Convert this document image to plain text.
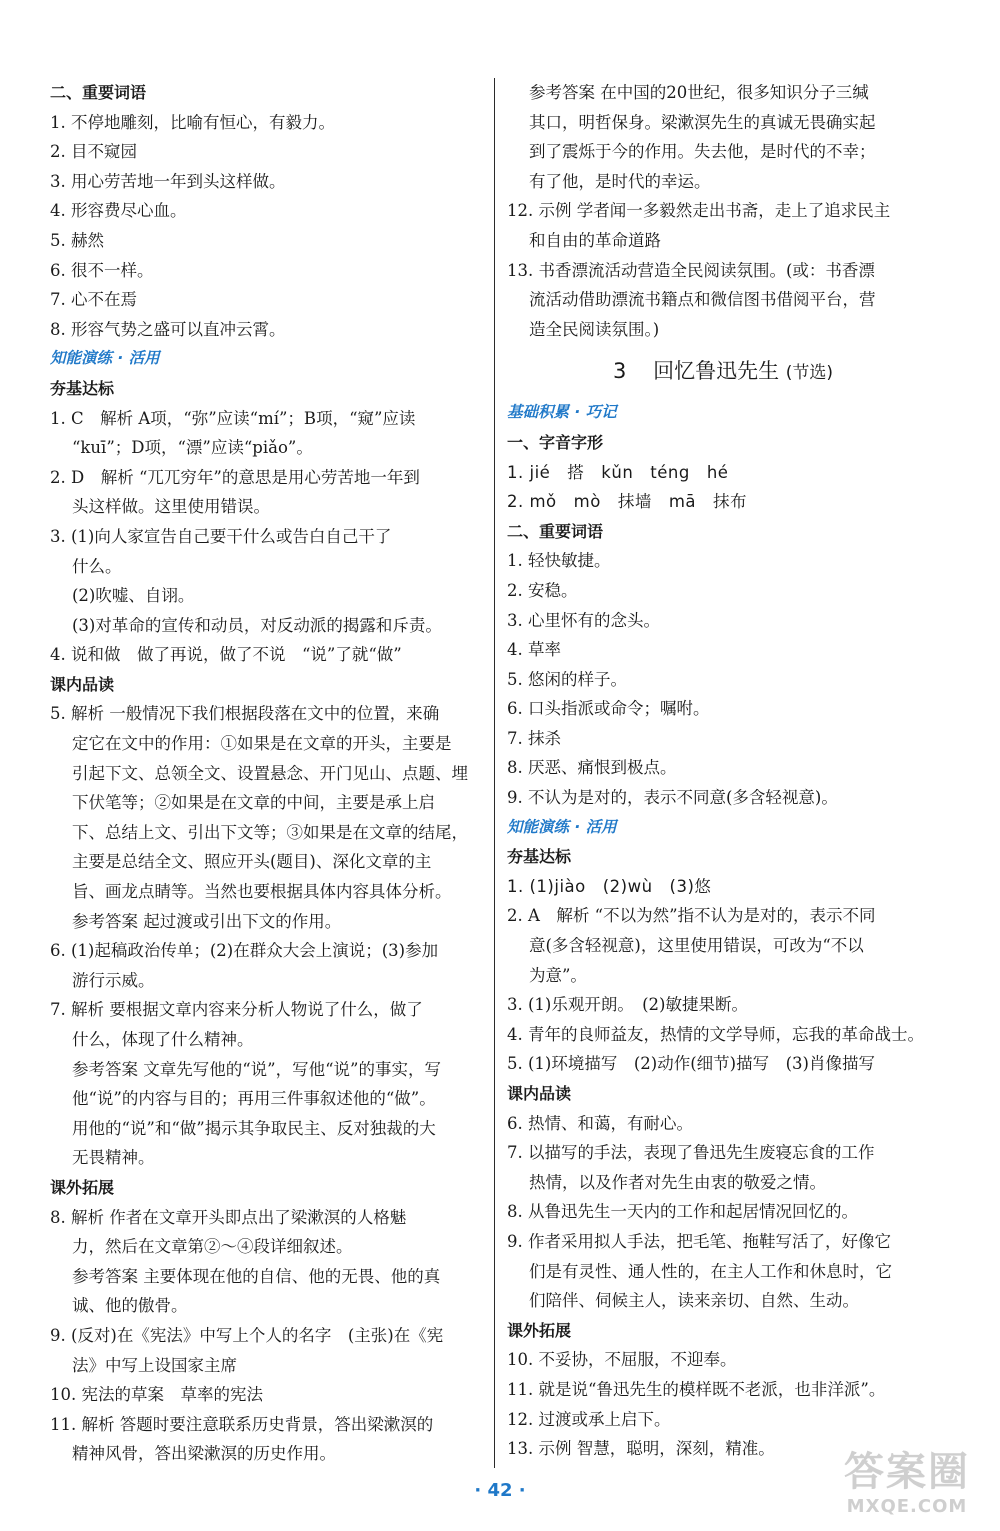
二、重要词语
1. 不停地雕刻，比喻有恒心，有毅力。
2. 目不窥园
3. 用心劳苦地一年到头这样做。
4. 形容费尽心血。
5. 赫然
6. 很不一样。
7. 心不在焉
8. 形容气势之盛可以直冲云霄。
知能演练 · 活用
夯基达标
1. C　解析 A项，“弥”应读“mí”；B项，“窥”应读
“kuī”；D项，“漂”应读“piǎo”。
2. D　解析 “兀兀穷年”的意思是用心劳苦地一年到
头这样做。这里使用错误。
3. (1)向人家宣告自己要干什么或告白自己干了
什么。
(2)吹嘘、自诩。
(3)对革命的宣传和动员，对反动派的揭露和斥责。
4. 说和做　做了再说，做了不说　“说”了就“做”
课内品读
5. 解析 一般情况下我们根据段落在文中的位置，来确
定它在文中的作用：①如果是在文章的开头，主要是
引起下文、总领全文、设置悬念、开门见山、点题、埋
下伏笔等；②如果是在文章的中间，主要是承上启
下、总结上文、引出下文等；③如果是在文章的结尾，
主要是总结全文、照应开头(题目)、深化文章的主
旨、画龙点睛等。当然也要根据具体内容具体分析。
参考答案 起过渡或引出下文的作用。
6. (1)起稿政治传单；(2)在群众大会上演说；(3)参加
游行示威。
7. 解析 要根据文章内容来分析人物说了什么，做了
什么，体现了什么精神。
参考答案 文章先写他的“说”，写他“说”的事实，写
他“说”的内容与目的；再用三件事叙述他的“做”。
用他的“说”和“做”揭示其争取民主、反对独裁的大
无畏精神。
课外拓展
8. 解析 作者在文章开头即点出了梁漱溟的人格魅
力，然后在文章第②～④段详细叙述。
参考答案 主要体现在他的自信、他的无畏、他的真
诚、他的傲骨。
9. (反对)在《宪法》中写上个人的名字　(主张)在《宪
法》中写上设国家主席
10. 宪法的草案　草率的宪法
11. 解析 答题时要注意联系历史背景，答出梁漱溟的
精神风骨，答出梁漱溟的历史作用。
参考答案 在中国的20世纪，很多知识分子三缄
其口，明哲保身。梁漱溟先生的真诚无畏确实起
到了震烁于今的作用。失去他，是时代的不幸；
有了他，是时代的幸运。
12. 示例 学者闻一多毅然走出书斋，走上了追求民主
和自由的革命道路
13. 书香漂流活动营造全民阅读氛围。(或：书香漂
流活动借助漂流书籍点和微信图书借阅平台，营
造全民阅读氛围。)
3 回忆鲁迅先生 (节选)
基础积累 · 巧记
一、字音字形
1. jié　搭　kǔn　téng　hé
2. mǒ　mò　抹墙　mā　抹布
二、重要词语
1. 轻快敏捷。
2. 安稳。
3. 心里怀有的念头。
4. 草率
5. 悠闲的样子。
6. 口头指派或命令；嘱咐。
7. 抹杀
8. 厌恶、痛恨到极点。
9. 不认为是对的，表示不同意(多含轻视意)。
知能演练 · 活用
夯基达标
1. (1)jiào　(2)wù　(3)悠
2. A　解析 “不以为然”指不认为是对的，表示不同
意(多含轻视意)，这里使用错误，可改为“不以
为意”。
3. (1)乐观开朗。　(2)敏捷果断。
4. 青年的良师益友，热情的文学导师，忘我的革命战士。
5. (1)环境描写　(2)动作(细节)描写　(3)肖像描写
课内品读
6. 热情、和蔼，有耐心。
7. 以描写的手法，表现了鲁迅先生废寝忘食的工作
热情，以及作者对先生由衷的敬爱之情。
8. 从鲁迅先生一天内的工作和起居情况回忆的。
9. 作者采用拟人手法，把毛笔、拖鞋写活了，好像它
们是有灵性、通人性的，在主人工作和休息时，它
们陪伴、伺候主人，读来亲切、自然、生动。
课外拓展
10. 不妥协，不屈服，不迎奉。
11. 就是说“鲁迅先生的模样既不老派，也非洋派”。
12. 过渡或承上启下。
13. 示例 智慧，聪明，深刻，精准。
· 42 ·	答案圈
MXQE.COM
